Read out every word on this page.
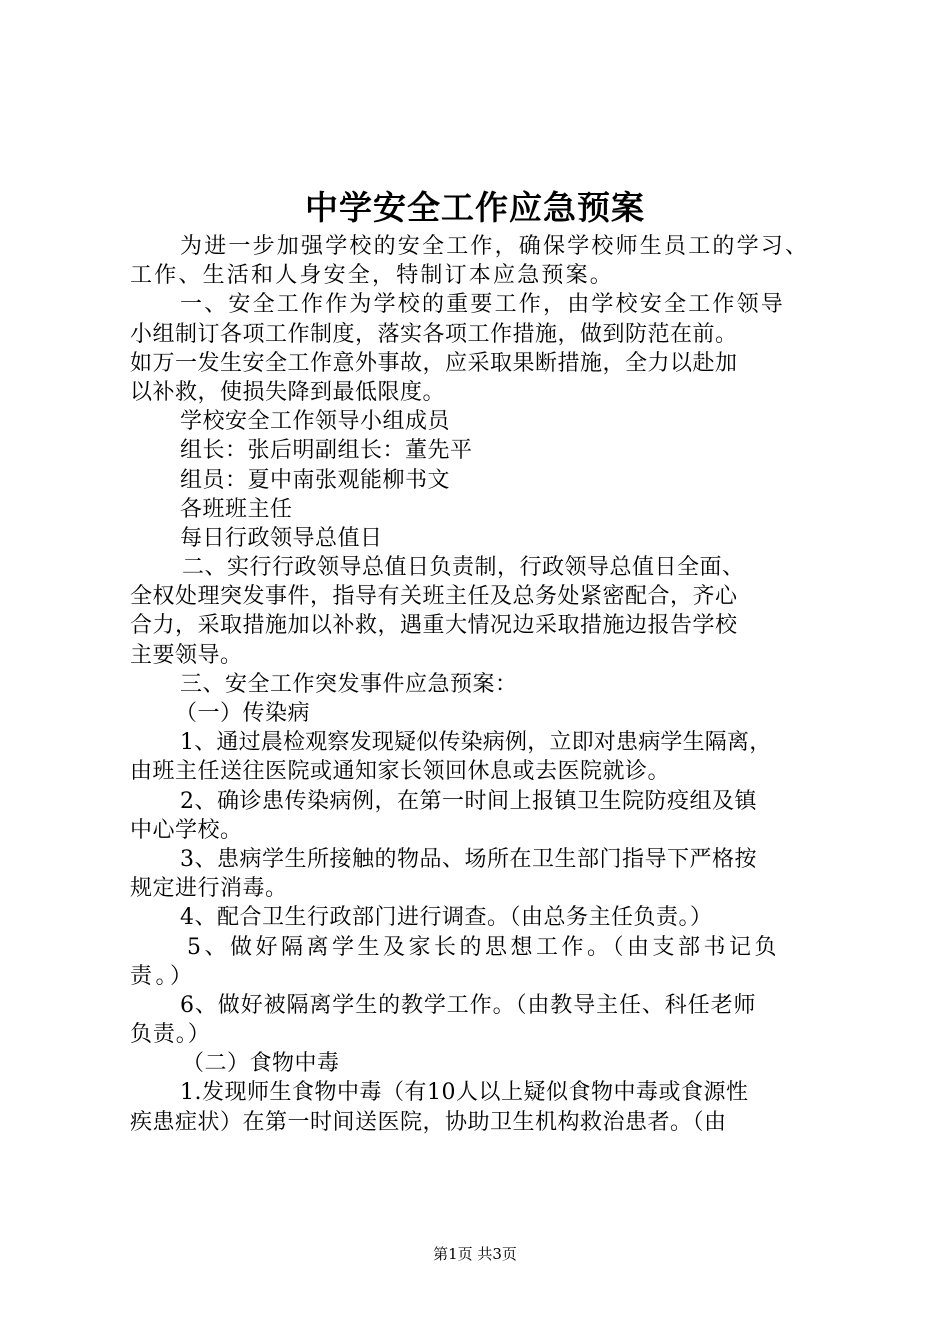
中学安全工作应急预案
为进一步加强学校的安全工作，确保学校师生员工的学习、
工作、生活和人身安全，特制订本应急预案。
一、安全工作作为学校的重要工作，由学校安全工作领导
小组制订各项工作制度，落实各项工作措施，做到防范在前。
如万一发生安全工作意外事故，应采取果断措施，全力以赴加
以补救，使损失降到最低限度。
学校安全工作领导小组成员
组长：张后明副组长：董先平
组员：夏中南张观能柳书文
各班班主任
每日行政领导总值日
二、实行行政领导总值日负责制，行政领导总值日全面、
全权处理突发事件，指导有关班主任及总务处紧密配合，齐心
合力，采取措施加以补救，遇重大情况边采取措施边报告学校
主要领导。
三、安全工作突发事件应急预案：
（一）传染病
1、通过晨检观察发现疑似传染病例，立即对患病学生隔离，
由班主任送往医院或通知家长领回休息或去医院就诊。
2、确诊患传染病例，在第一时间上报镇卫生院防疫组及镇
中心学校。
3、患病学生所接触的物品、场所在卫生部门指导下严格按
规定进行消毒。
4、配合卫生行政部门进行调查。（由总务主任负责。）
5、做好隔离学生及家长的思想工作。（由支部书记负
责。）
6、做好被隔离学生的教学工作。（由教导主任、科任老师
负责。）
（二）食物中毒
1.发现师生食物中毒（有10人以上疑似食物中毒或食源性
疾患症状）在第一时间送医院，协助卫生机构救治患者。（由
第1页 共3页
